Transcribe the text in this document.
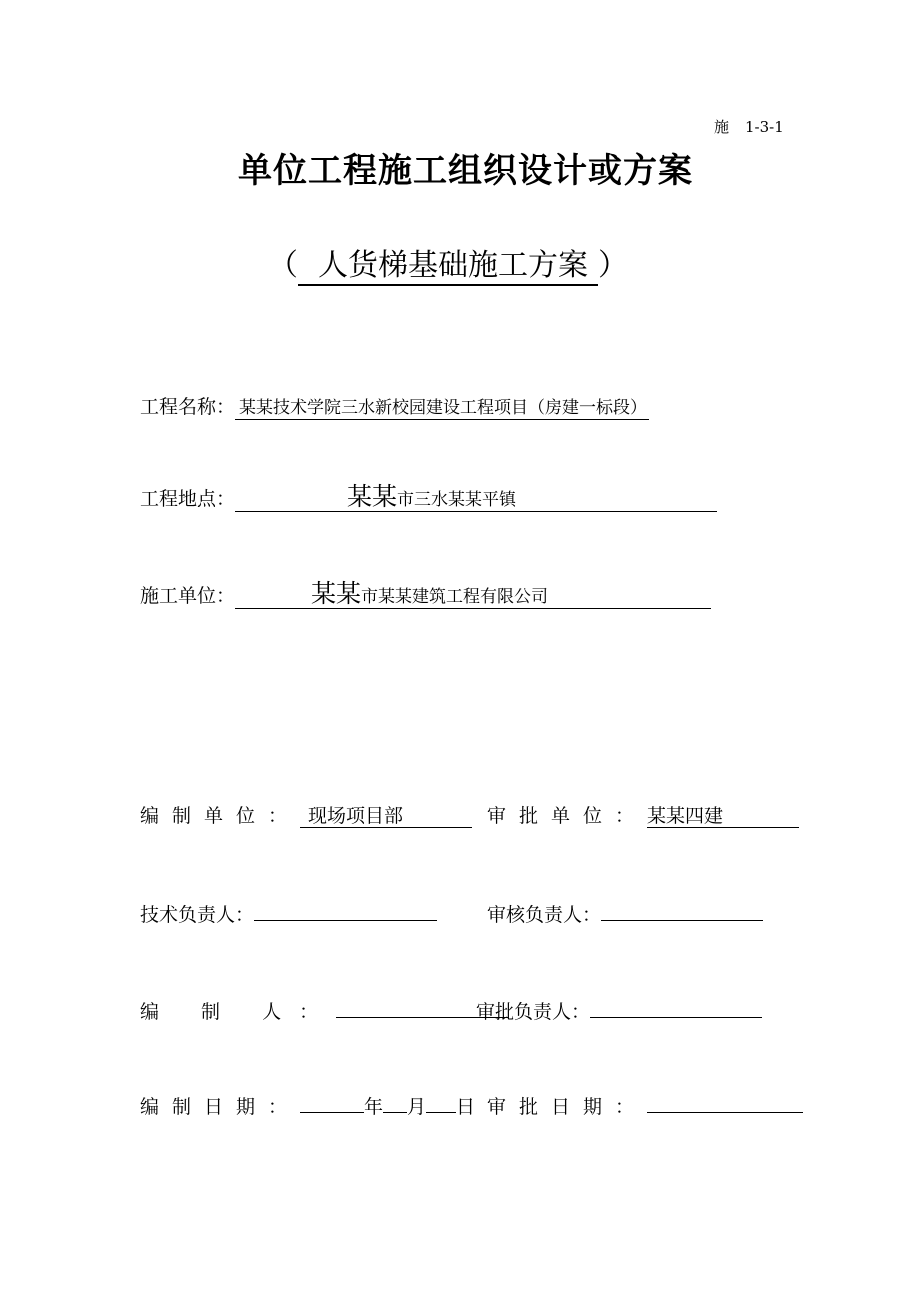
施 1-3-1
单位工程施工组织设计或方案
（ 人货梯基础施工方案 ）
工程名称： 某某技术学院三水新校园建设工程项目（房建一标段）
工程地点：	某某市三水某某平镇
施工单位：	某某市某某建筑工程有限公司
编制单位： 现场项目部	审批单位：某某四建
技术负责人：	审核负责人：
编 制 人：	审批负责人：
编制日期：	年 月 日 审批日期：
